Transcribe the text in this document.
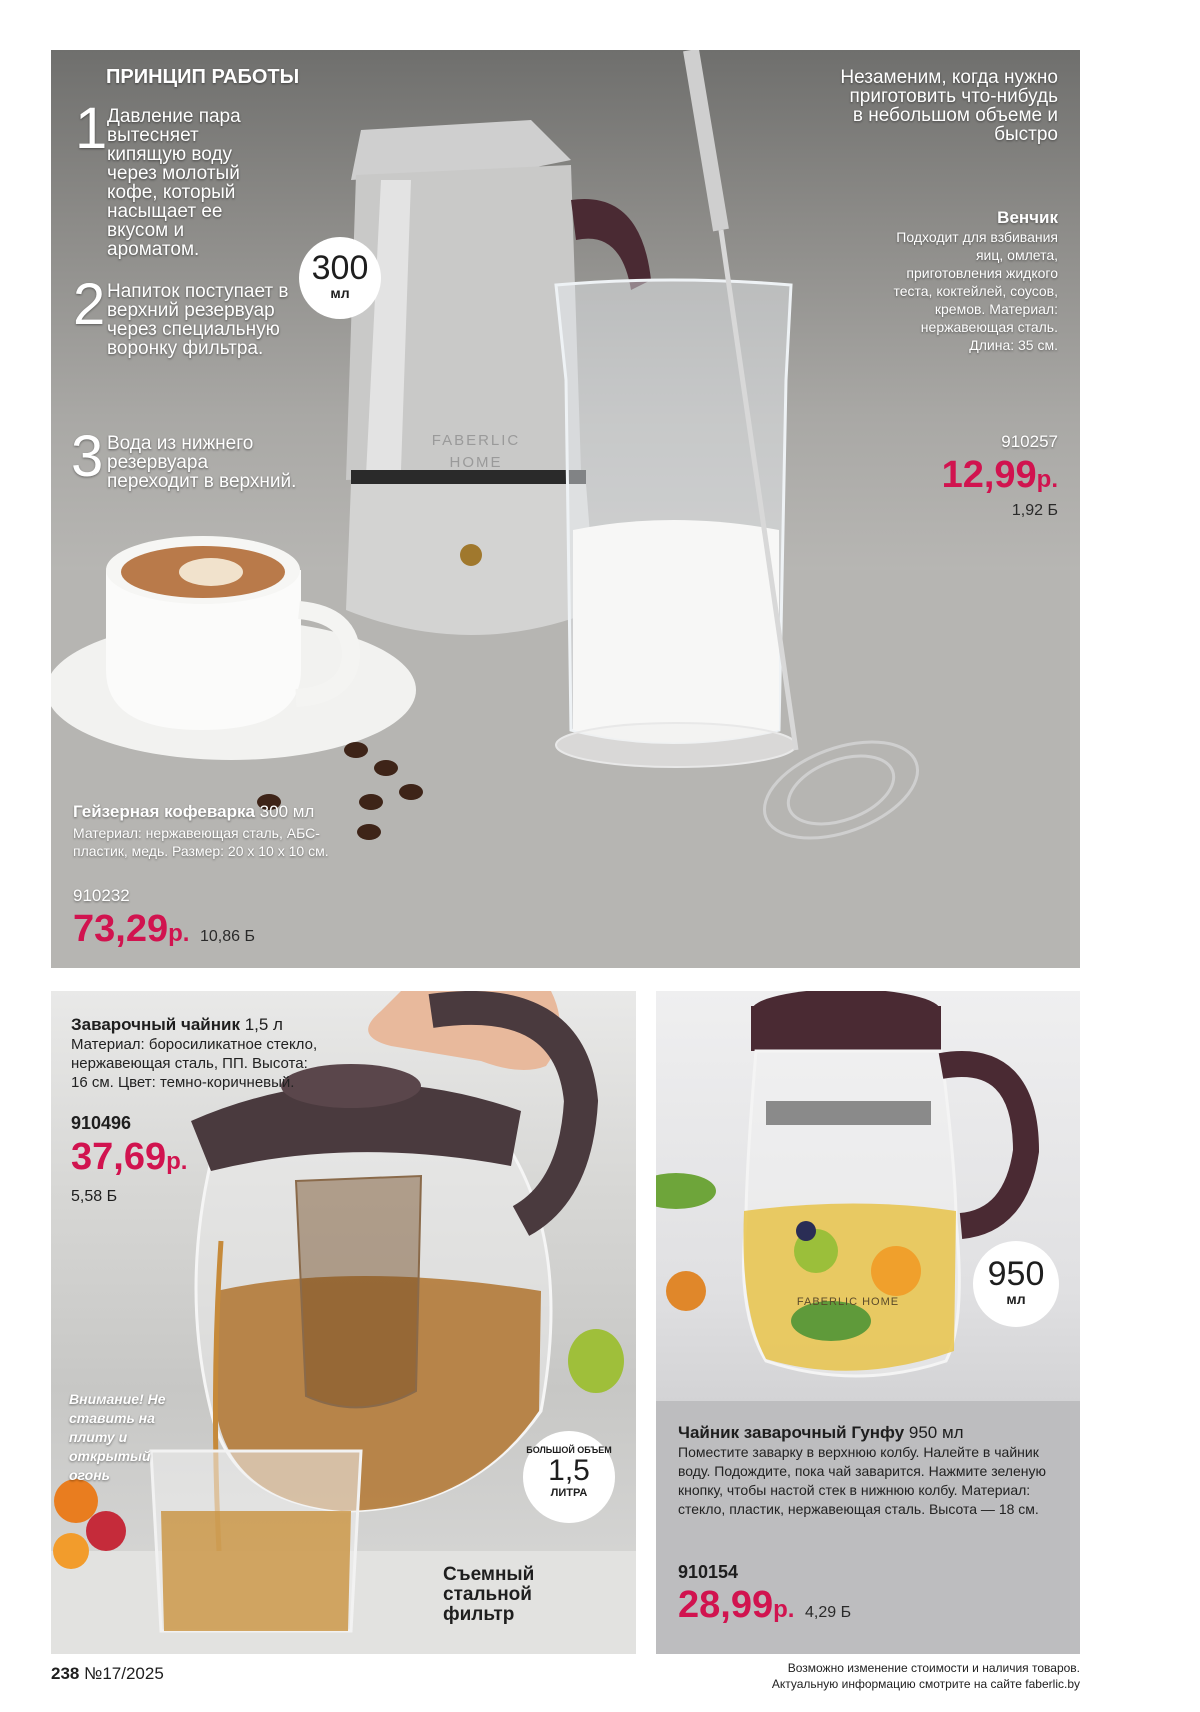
ПРИНЦИП РАБОТЫ
1 Давление пара вытесняет кипящую воду через молотый кофе, который насыщает ее вкусом и ароматом.
2 Напиток поступает в верхний резервуар через специальную воронку фильтра.
3 Вода из нижнего резервуара переходит в верхний.
300
мл
FABERLIC HOME
Незаменим, когда нужно приготовить что-нибудь в небольшом объеме и быстро
Венчик
Подходит для взбивания яиц, омлета, приготовления жидкого теста, коктейлей, соусов, кремов. Материал: нержавеющая сталь. Длина: 35 см.
910257
12,99р.
1,92 Б
Гейзерная кофеварка 300 мл
Материал: нержавеющая сталь, АБС-пластик, медь. Размер: 20 х 10 х 10 см.
910232
73,29р. 10,86 Б
Заварочный чайник 1,5 л
Материал: боросиликатное стекло, нержавеющая сталь, ПП. Высота: 16 см. Цвет: темно-коричневый.
910496
37,69р.
5,58 Б
Внимание! Не ставить на плиту и открытый огонь
БОЛЬШОЙ ОБЪЕМ
1,5
ЛИТРА
Съемный стальной фильтр
FABERLIC HOME
950
мл
Чайник заварочный Гунфу 950 мл
Поместите заварку в верхнюю колбу. Налейте в чайник воду. Подождите, пока чай заварится. Нажмите зеленую кнопку, чтобы настой стек в нижнюю колбу. Материал: стекло, пластик, нержавеющая сталь. Высота — 18 см.
910154
28,99р. 4,29 Б
238 №17/2025	Возможно изменение стоимости и наличия товаров.
Актуальную информацию смотрите на сайте faberlic.by
